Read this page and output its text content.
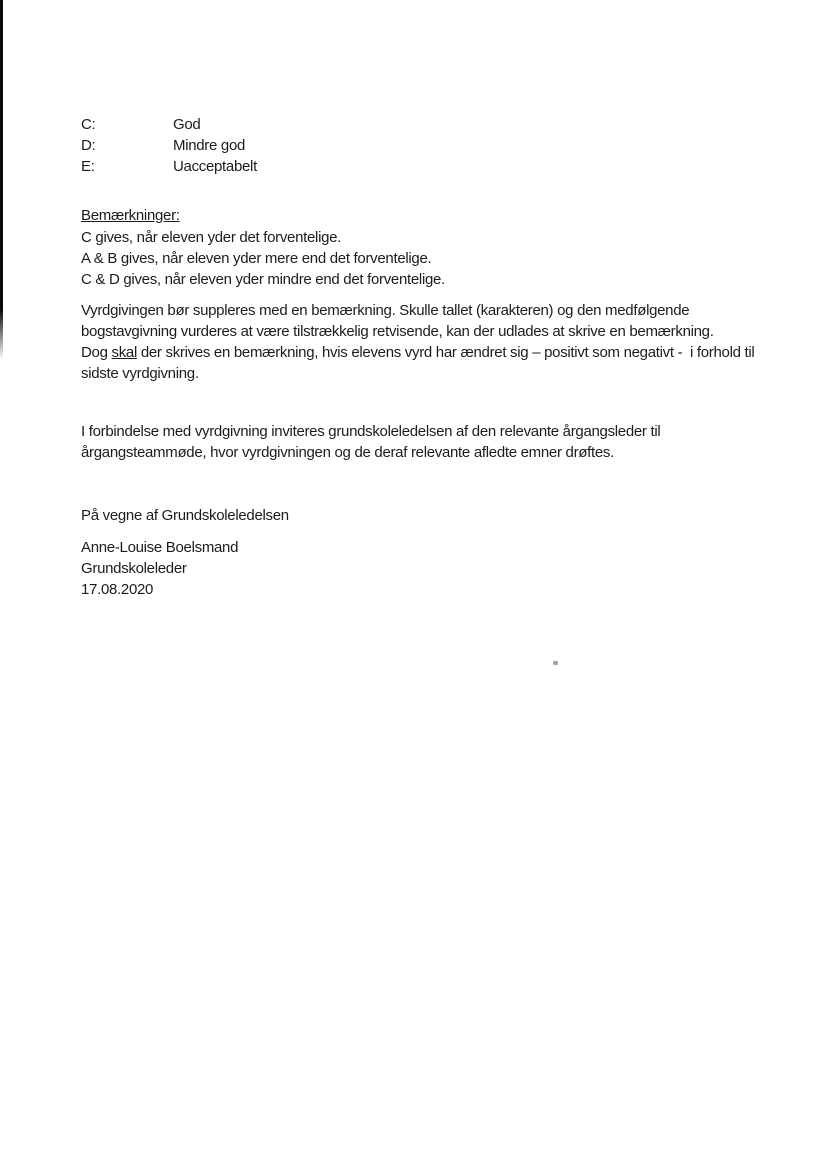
C:	God
D:	Mindre god
E:	Uacceptabelt
Bemærkninger:
C gives, når eleven yder det forventelige.
A & B gives, når eleven yder mere end det forventelige.
C & D gives, når eleven yder mindre end det forventelige.
Vyrdgivingen bør suppleres med en bemærkning. Skulle tallet (karakteren) og den medfølgende
bogstavgivning vurderes at være tilstrækkelig retvisende, kan der udlades at skrive en bemærkning.
Dog skal der skrives en bemærkning, hvis elevens vyrd har ændret sig – positivt som negativt -  i forhold til
sidste vyrdgivning.
I forbindelse med vyrdgivning inviteres grundskoleledelsen af den relevante årgangsleder til
årgangsteammøde, hvor vyrdgivningen og de deraf relevante afledte emner drøftes.
På vegne af Grundskoleledelsen
Anne-Louise Boelsmand
Grundskoleleder
17.08.2020
